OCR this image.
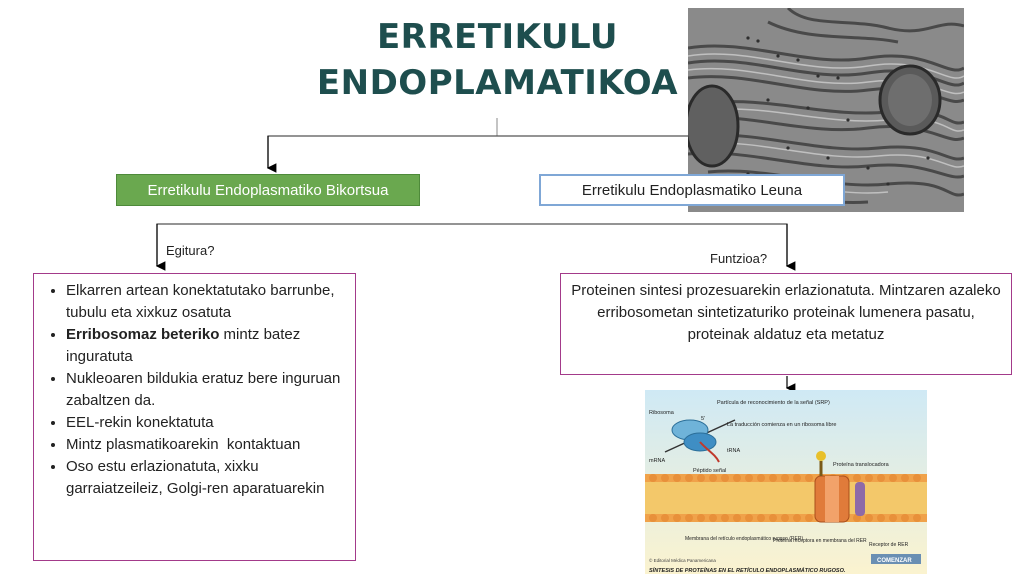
ERRETIKULU ENDOPLAMATIKOA
Erretikulu Endoplasmatiko Bikortsua	Erretikulu Endoplasmatiko Leuna
Egitura?
Funtzioa?
• Elkarren artean konektatutako barrunbe, tubulu eta xixkuz osatuta
• Erribosomaz beteriko mintz batez inguratuta
• Nukleoaren bildukia eratuz bere inguruan zabaltzen da.
• EEL-rekin konektatuta
• Mintz plasmatikoarekin  kontaktuan
• Oso estu erlazionatuta, xixku garraiatzeileiz, Golgi-ren aparatuarekin
Proteinen sintesi prozesuarekin erlazionatuta. Mintzaren azaleko erribosometan sintetizaturiko proteinak lumenera pasatu, proteinak aldatuz eta metatuz
Partícula de reconocimiento de la señal (SRP)
Ribosoma
5'
La traducción comienza en un ribosoma libre
mRNA
tRNA
Péptido señal
Proteína translocadora
Membrana del retículo endoplasmático rugoso (RER)
Proteína receptora en membrana del RER
Receptor de RER
© Editorial Médica Panamericana	COMENZAR
SÍNTESIS DE PROTEÍNAS EN EL RETÍCULO ENDOPLASMÁTICO RUGOSO.
